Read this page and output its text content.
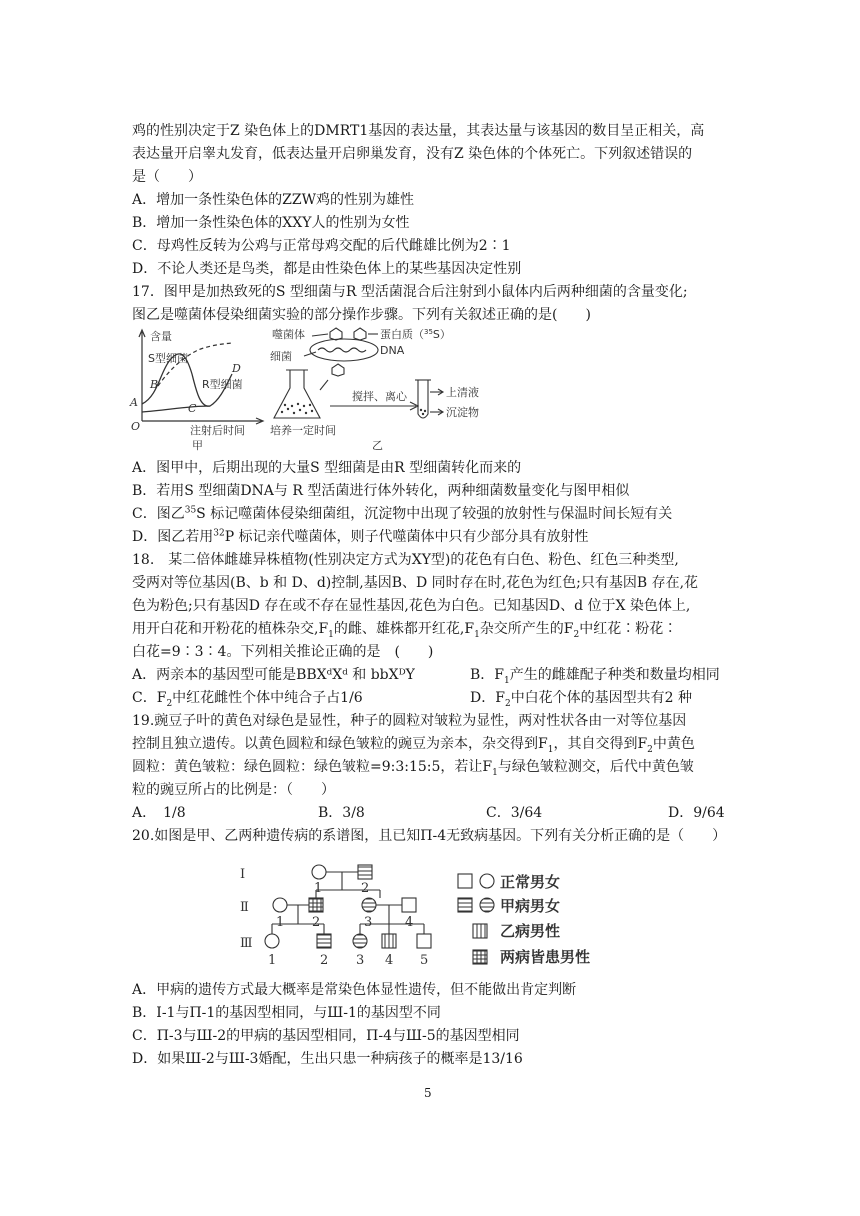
鸡的性别决定于Z 染色体上的DMRT1基因的表达量，其表达量与该基因的数目呈正相关，高
表达量开启睾丸发育，低表达量开启卵巢发育，没有Z 染色体的个体死亡。下列叙述错误的
是（　　）
A．增加一条性染色体的ZZW鸡的性别为雄性
B．增加一条性染色体的XXY人的性别为女性
C．母鸡性反转为公鸡与正常母鸡交配的后代雌雄比例为2∶1
D．不论人类还是鸟类，都是由性染色体上的某些基因决定性别
17．图甲是加热致死的S 型细菌与R 型活菌混合后注射到小鼠体内后两种细菌的含量变化;
图乙是噬菌体侵染细菌实验的部分操作步骤。下列有关叙述正确的是(　　)
A
B
C
D
O
含量
S型细菌
R型细菌
注射后时间
甲
噬菌体	蛋白质（$^{35}$S）
DNA
细菌
培养一定时间
搅拌、离心	上清液
沉淀物
乙
A．图甲中，后期出现的大量S 型细菌是由R 型细菌转化而来的
B．若用S 型细菌DNA与 R 型活菌进行体外转化，两种细菌数量变化与图甲相似
C．图乙$^{35}$S 标记噬菌体侵染细菌组，沉淀物中出现了较强的放射性与保温时间长短有关
D．图乙若用$^{32}$P 标记亲代噬菌体，则子代噬菌体中只有少部分具有放射性
18.　某二倍体雌雄异株植物(性别决定方式为XY型)的花色有白色、粉色、红色三种类型,
受两对等位基因(B、b 和 D、d)控制,基因B、D 同时存在时,花色为红色;只有基因B 存在,花
色为粉色;只有基因D 存在或不存在显性基因,花色为白色。已知基因D、d 位于X 染色体上,
用开白花和开粉花的植株杂交$,F_1$的雌、雄株都开红花$,F_1$杂交所产生的$F_2$中红花∶粉花∶
白花=9∶3∶4。下列相关推论正确的是　(　　)
A．两亲本的基因型可能是BBXᵈXᵈ 和 bbXᴰY	B．$F_1$产生的雌雄配子种类和数量均相同
C．$F_2$中红花雌性个体中纯合子占1/6	D．$F_2$中白花个体的基因型共有2 种
19.豌豆子叶的黄色对绿色是显性，种子的圆粒对皱粒为显性，两对性状各由一对等位基因
控制且独立遗传。以黄色圆粒和绿色皱粒的豌豆为亲本，杂交得到$F_1$，其自交得到$F_2$中黄色
圆粒：黄色皱粒：绿色圆粒：绿色皱粒=9:3:15:5，若让$F_1$与绿色皱粒测交，后代中黄色皱
粒的豌豆所占的比例是：（　　）
A．　1/8	B．3/8	C．3/64	D．9/64
20.如图是甲、乙两种遗传病的系谱图，且已知Π-4无致病基因。下列有关分析正确的是（　　）
Ⅰ
Ⅱ
Ⅲ
1	2
1 2	3	4
1	2 3 4 5
正常男女
甲病男女
乙病男性
两病皆患男性
A．甲病的遗传方式最大概率是常染色体显性遗传，但不能做出肯定判断
B．I-1与Π-1的基因型相同，与Ш-1的基因型不同
C．Π-3与Ш-2的甲病的基因型相同，Π-4与Ш-5的基因型相同
D．如果Ш-2与Ш-3婚配，生出只患一种病孩子的概率是13/16
5
